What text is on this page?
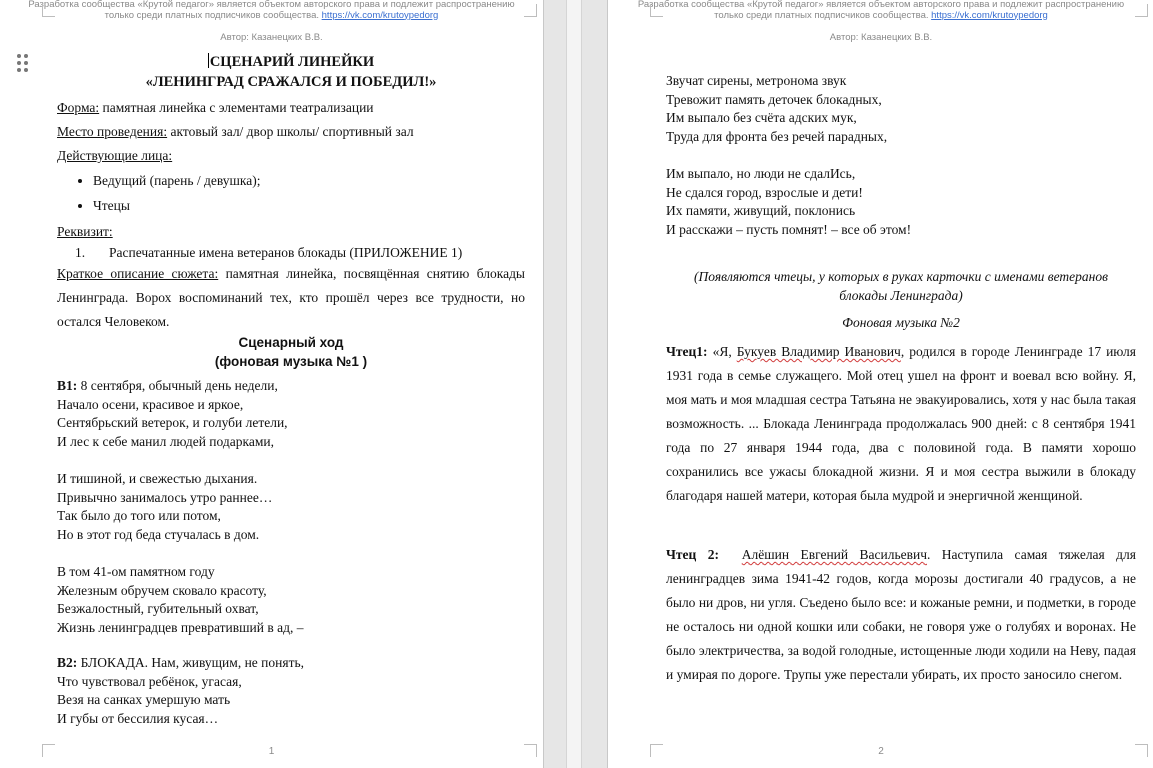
Разработка сообщества «Крутой педагог» является объектом авторского права и подлежит распространению
только среди платных подписчиков сообщества. https://vk.com/krutoypedorg
Автор: Казанецких В.В.
СЦЕНАРИЙ ЛИНЕЙКИ
«ЛЕНИНГРАД СРАЖАЛСЯ И ПОБЕДИЛ!»
Форма: памятная линейка с элементами театрализации
Место проведения: актовый зал/ двор школы/ спортивный зал
Действующие лица:
• Ведущий (парень / девушка);
• Чтецы
Реквизит:
1. Распечатанные имена ветеранов блокады (ПРИЛОЖЕНИЕ 1)
Краткое описание сюжета: памятная линейка, посвящённая снятию блокады Ленинграда. Ворох воспоминаний тех, кто прошёл через все трудности, но остался Человеком.
Сценарный ход
(фоновая музыка №1 )
В1: 8 сентября, обычный день недели,
Начало осени, красивое и яркое,
Сентябрьский ветерок, и голуби летели,
И лес к себе манил людей подарками,

И тишиной, и свежестью дыхания.
Привычно занималось утро раннее…
Так было до того или потом,
Но в этот год беда стучалась в дом.

В том 41-ом памятном году
Железным обручем сковало красоту,
Безжалостный, губительный охват,
Жизнь ленинградцев превративший в ад, –
В2: БЛОКАДА. Нам, живущим, не понять,
Что чувствовал ребёнок, угасая,
Везя на санках умершую мать
И губы от бессилия кусая…
1
Разработка сообщества «Крутой педагог» является объектом авторского права и подлежит распространению
только среди платных подписчиков сообщества. https://vk.com/krutoypedorg
Автор: Казанецких В.В.
Звучат сирены, метронома звук
Тревожит память деточек блокадных,
Им выпало без счёта адских мук,
Труда для фронта без речей парадных,

Им выпало, но люди не сдалИсь,
Не сдался город, взрослые и дети!
Их памяти, живущий, поклонись
И расскажи – пусть помнят! – все об этом!
(Появляются чтецы, у которых в руках карточки с именами ветеранов блокады Ленинграда)
Фоновая музыка №2
Чтец1: «Я, Букуев Владимир Иванович, родился в городе Ленинграде 17 июля 1931 года в семье служащего. Мой отец ушел на фронт и воевал всю войну. Я, моя мать и моя младшая сестра Татьяна не эвакуировались, хотя у нас была такая возможность. ... Блокада Ленинграда продолжалась 900 дней: с 8 сентября 1941 года по 27 января 1944 года, два с половиной года. В памяти хорошо сохранились все ужасы блокадной жизни. Я и моя сестра выжили в блокаду благодаря нашей матери, которая была мудрой и энергичной женщиной.
Чтец 2: Алёшин Евгений Васильевич. Наступила самая тяжелая для ленинградцев зима 1941-42 годов, когда морозы достигали 40 градусов, а не было ни дров, ни угля. Съедено было все: и кожаные ремни, и подметки, в городе не осталось ни одной кошки или собаки, не говоря уже о голубях и воронах. Не было электричества, за водой голодные, истощенные люди ходили на Неву, падая и умирая по дороге. Трупы уже перестали убирать, их просто заносило снегом.
2
